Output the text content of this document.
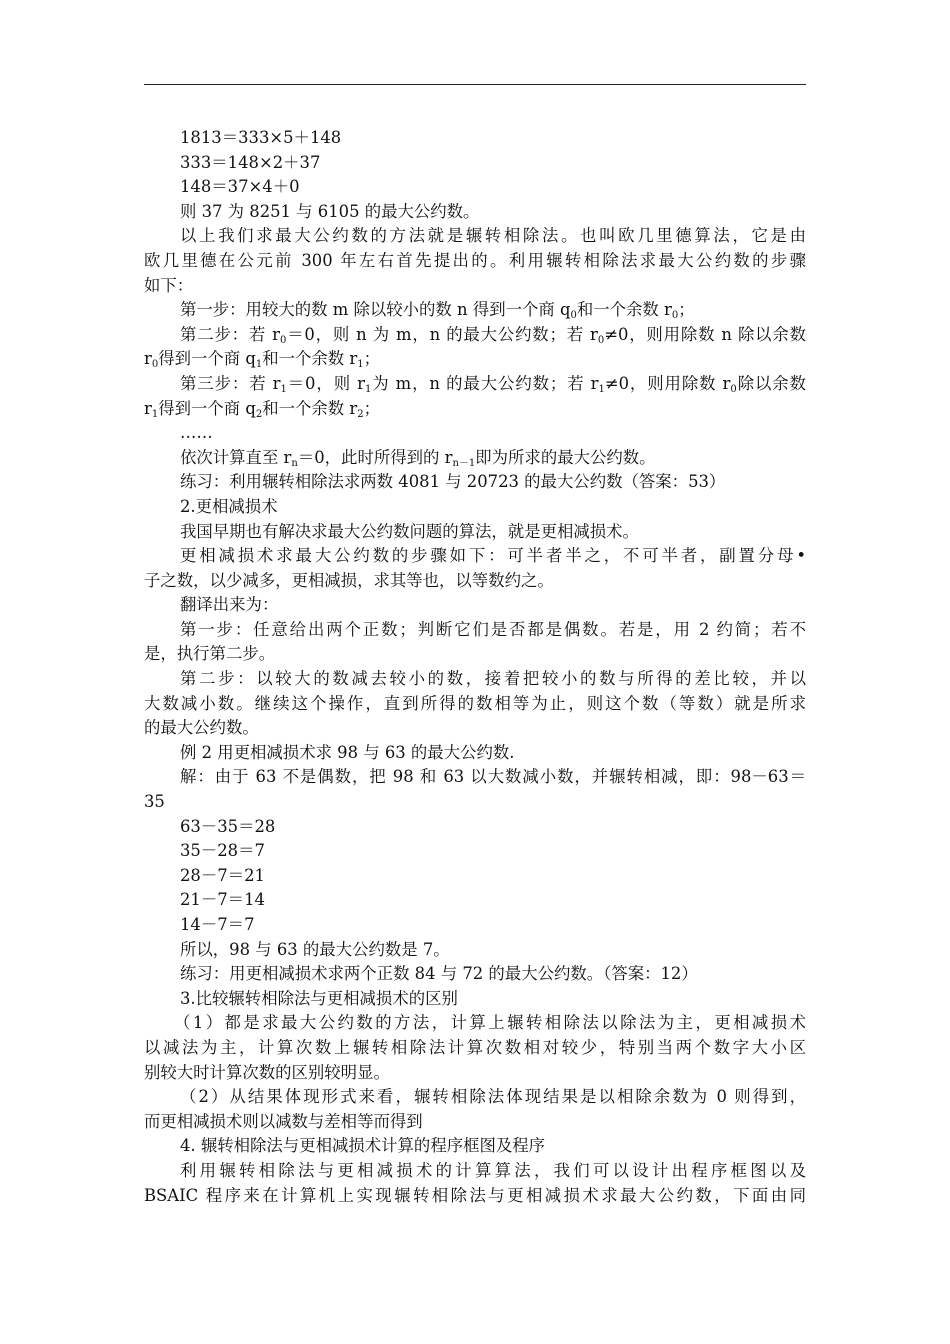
1813＝333×5＋148
333＝148×2＋37
148＝37×4＋0
则 37 为 8251 与 6105 的最大公约数。
以上我们求最大公约数的方法就是辗转相除法。也叫欧几里德算法，它是由
欧几里德在公元前 300 年左右首先提出的。利用辗转相除法求最大公约数的步骤
如下：
第一步：用较大的数 m 除以较小的数 n 得到一个商 $q_0$和一个余数 $r_0$；
第二步：若 $r_0=0$，则 n 为 m，n 的最大公约数；若 $r_0\ne 0$，则用除数 n 除以余数
$r_0$得到一个商 $q_1$和一个余数 $r_1$；
第三步：若 $r_1=0$，则 $r_1$为 m，n 的最大公约数；若 $r_1\ne 0$，则用除数 $r_0$除以余数
$r_1$得到一个商 $q_2$和一个余数 $r_2$；
……
依次计算直至 $r_n=0$，此时所得到的 $r_{n-1}$即为所求的最大公约数。
练习：利用辗转相除法求两数 4081 与 20723 的最大公约数（答案：53）
2.更相减损术
我国早期也有解决求最大公约数问题的算法，就是更相减损术。
更相减损术求最大公约数的步骤如下：可半者半之，不可半者，副置分母•
子之数，以少减多，更相减损，求其等也，以等数约之。
翻译出来为：
第一步：任意给出两个正数；判断它们是否都是偶数。若是，用 2 约简；若不
是，执行第二步。
第二步：以较大的数减去较小的数，接着把较小的数与所得的差比较，并以
大数减小数。继续这个操作，直到所得的数相等为止，则这个数（等数）就是所求
的最大公约数。
例 2 用更相减损术求 98 与 63 的最大公约数.
解：由于 63 不是偶数，把 98 和 63 以大数减小数，并辗转相减，即：98－63＝
35
63－35＝28
35－28＝7
28－7＝21
21－7＝14
14－7＝7
所以，98 与 63 的最大公约数是 7。
练习：用更相减损术求两个正数 84 与 72 的最大公约数。（答案：12）
3.比较辗转相除法与更相减损术的区别
（1）都是求最大公约数的方法，计算上辗转相除法以除法为主，更相减损术
以减法为主，计算次数上辗转相除法计算次数相对较少，特别当两个数字大小区
别较大时计算次数的区别较明显。
（2）从结果体现形式来看，辗转相除法体现结果是以相除余数为 0 则得到，
而更相减损术则以减数与差相等而得到
4. 辗转相除法与更相减损术计算的程序框图及程序
利用辗转相除法与更相减损术的计算算法，我们可以设计出程序框图以及
BSAIC 程序来在计算机上实现辗转相除法与更相减损术求最大公约数，下面由同
